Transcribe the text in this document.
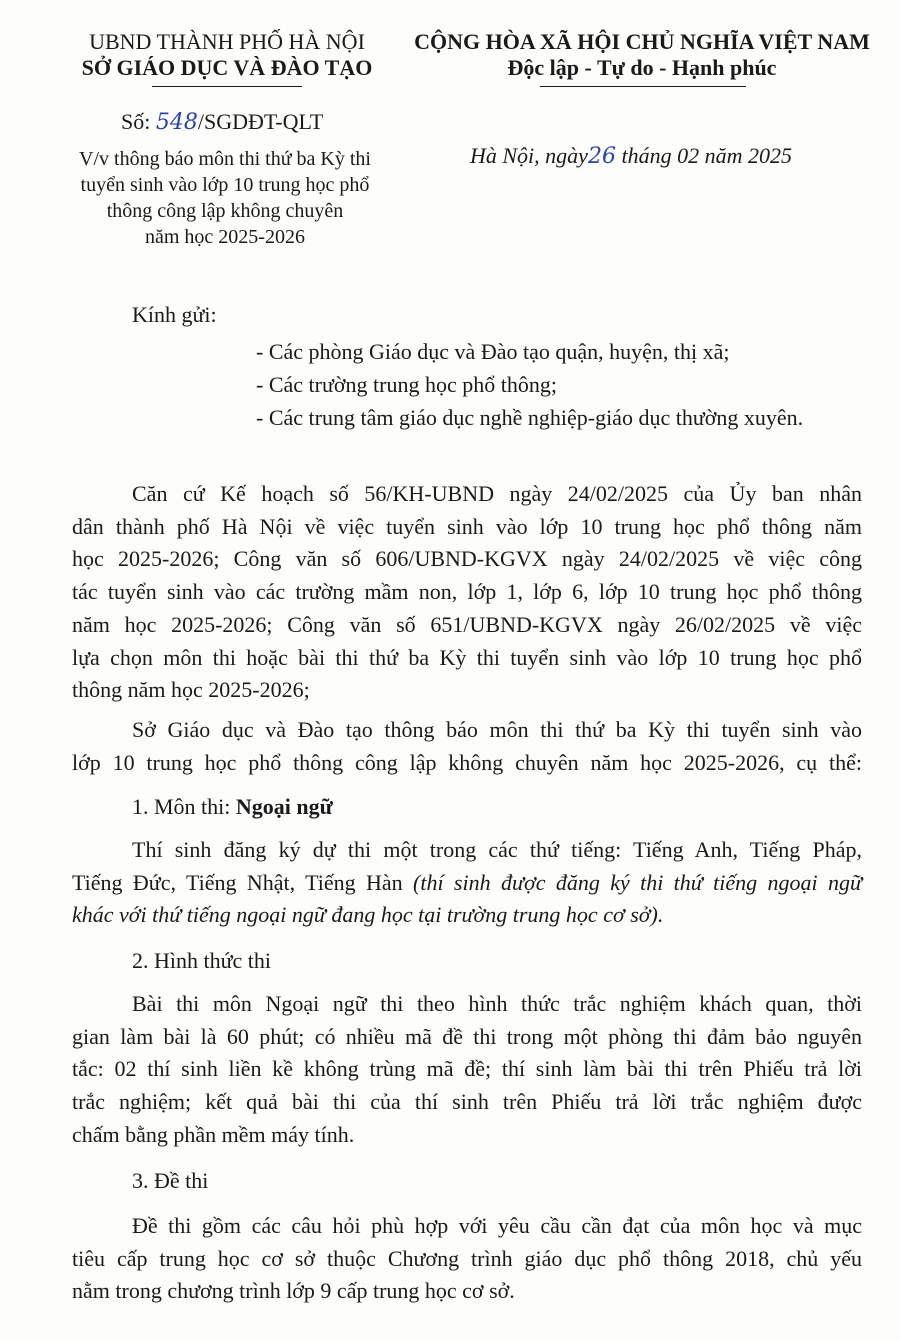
UBND THÀNH PHỐ HÀ NỘI
SỞ GIÁO DỤC VÀ ĐÀO TẠO
CỘNG HÒA XÃ HỘI CHỦ NGHĨA VIỆT NAM
Độc lập - Tự do - Hạnh phúc
Số: 548/SGDĐT-QLT
Hà Nội, ngày26 tháng 02 năm 2025
V/v thông báo môn thi thứ ba Kỳ thi
tuyển sinh vào lớp 10 trung học phổ
thông công lập không chuyên
năm học 2025-2026
Kính gửi:
- Các phòng Giáo dục và Đào tạo quận, huyện, thị xã;
- Các trường trung học phổ thông;
- Các trung tâm giáo dục nghề nghiệp-giáo dục thường xuyên.
Căn cứ Kế hoạch số 56/KH-UBND ngày 24/02/2025 của Ủy ban nhân
dân thành phố Hà Nội về việc tuyển sinh vào lớp 10 trung học phổ thông năm
học 2025-2026; Công văn số 606/UBND-KGVX ngày 24/02/2025 về việc công
tác tuyển sinh vào các trường mầm non, lớp 1, lớp 6, lớp 10 trung học phổ thông
năm học 2025-2026; Công văn số 651/UBND-KGVX ngày 26/02/2025 về việc
lựa chọn môn thi hoặc bài thi thứ ba Kỳ thi tuyển sinh vào lớp 10 trung học phổ
thông năm học 2025-2026;
Sở Giáo dục và Đào tạo thông báo môn thi thứ ba Kỳ thi tuyển sinh vào
lớp 10 trung học phổ thông công lập không chuyên năm học 2025-2026, cụ thể:
1. Môn thi: Ngoại ngữ
Thí sinh đăng ký dự thi một trong các thứ tiếng: Tiếng Anh, Tiếng Pháp,
Tiếng Đức, Tiếng Nhật, Tiếng Hàn (thí sinh được đăng ký thi thứ tiếng ngoại ngữ
khác với thứ tiếng ngoại ngữ đang học tại trường trung học cơ sở).
2. Hình thức thi
Bài thi môn Ngoại ngữ thi theo hình thức trắc nghiệm khách quan, thời
gian làm bài là 60 phút; có nhiều mã đề thi trong một phòng thi đảm bảo nguyên
tắc: 02 thí sinh liền kề không trùng mã đề; thí sinh làm bài thi trên Phiếu trả lời
trắc nghiệm; kết quả bài thi của thí sinh trên Phiếu trả lời trắc nghiệm được
chấm bằng phần mềm máy tính.
3. Đề thi
Đề thi gồm các câu hỏi phù hợp với yêu cầu cần đạt của môn học và mục
tiêu cấp trung học cơ sở thuộc Chương trình giáo dục phổ thông 2018, chủ yếu
nằm trong chương trình lớp 9 cấp trung học cơ sở.
